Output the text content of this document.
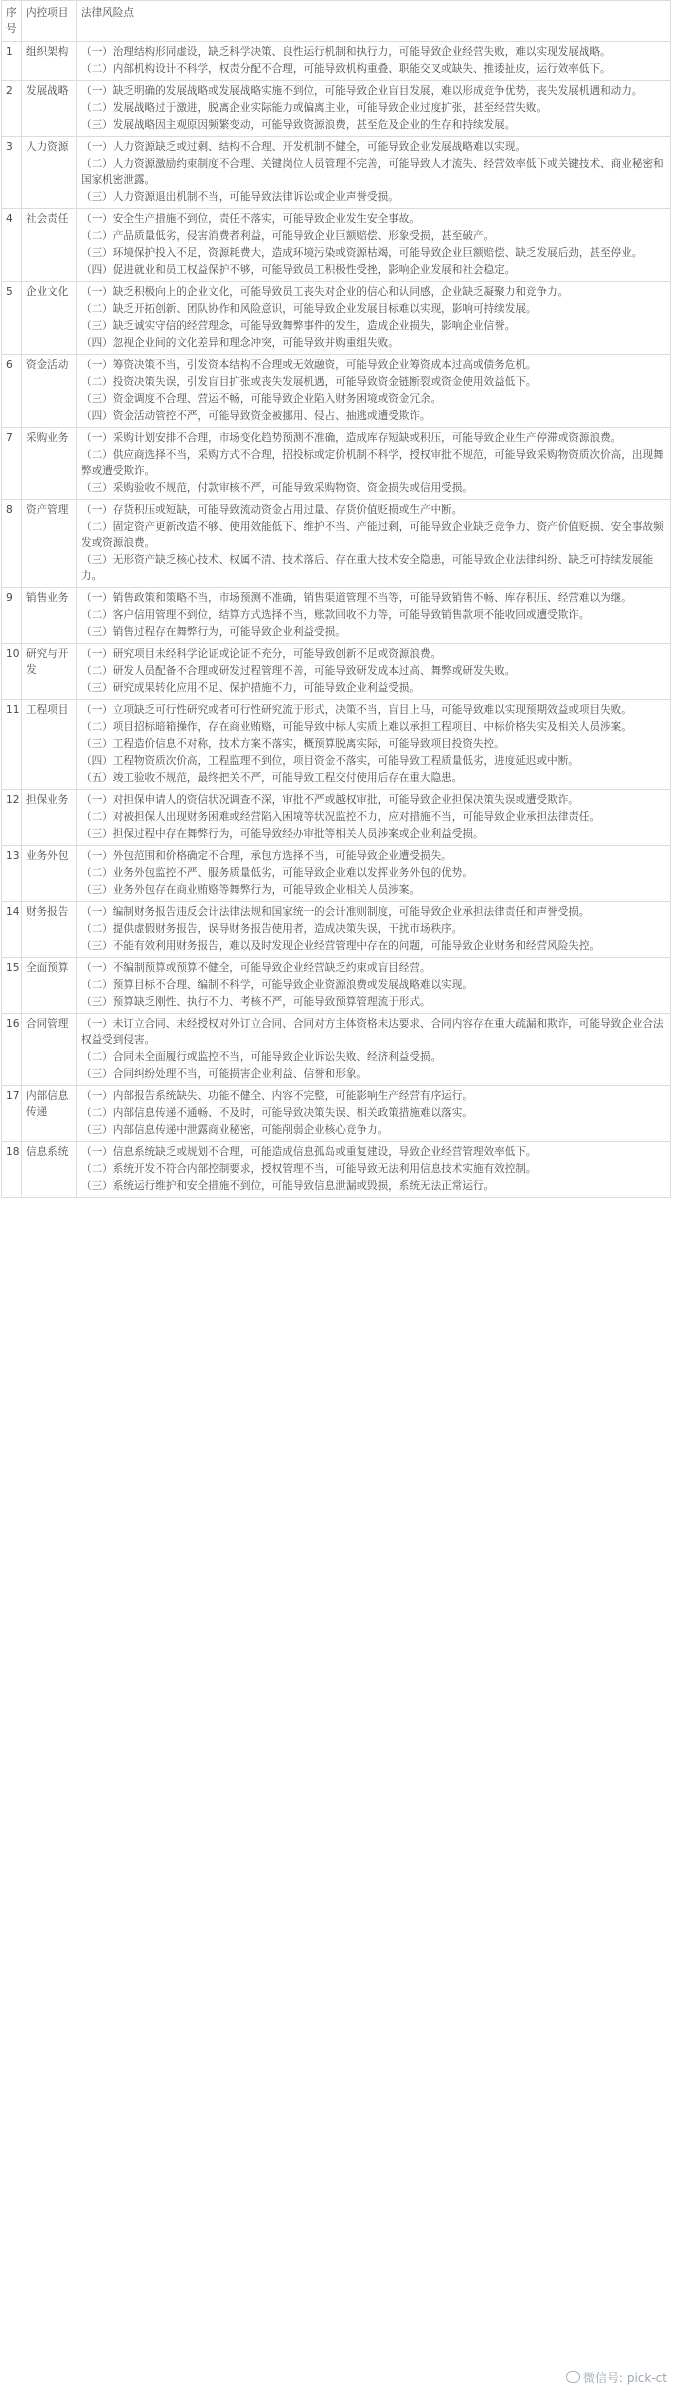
序号	内控项目	法律风险点
1	组织架构	（一）治理结构形同虚设，缺乏科学决策、良性运行机制和执行力，可能导致企业经营失败，难以实现发展战略。
（二）内部机构设计不科学，权责分配不合理，可能导致机构重叠、职能交叉或缺失、推诿扯皮，运行效率低下。

2	发展战略	（一）缺乏明确的发展战略或发展战略实施不到位，可能导致企业盲目发展，难以形成竞争优势，丧失发展机遇和动力。
（二）发展战略过于激进，脱离企业实际能力或偏离主业，可能导致企业过度扩张，甚至经营失败。
（三）发展战略因主观原因频繁变动，可能导致资源浪费，甚至危及企业的生存和持续发展。

3	人力资源	（一）人力资源缺乏或过剩、结构不合理、开发机制不健全，可能导致企业发展战略难以实现。
（二）人力资源激励约束制度不合理、关键岗位人员管理不完善，可能导致人才流失、经营效率低下或关键技术、商业秘密和国家机密泄露。
（三）人力资源退出机制不当，可能导致法律诉讼或企业声誉受损。

4	社会责任	（一）安全生产措施不到位，责任不落实，可能导致企业发生安全事故。
（二）产品质量低劣，侵害消费者利益，可能导致企业巨额赔偿、形象受损，甚至破产。
（三）环境保护投入不足，资源耗费大，造成环境污染或资源枯竭，可能导致企业巨额赔偿、缺乏发展后劲，甚至停业。
（四）促进就业和员工权益保护不够，可能导致员工积极性受挫，影响企业发展和社会稳定。

5	企业文化	（一）缺乏积极向上的企业文化，可能导致员工丧失对企业的信心和认同感，企业缺乏凝聚力和竞争力。
（二）缺乏开拓创新、团队协作和风险意识，可能导致企业发展目标难以实现，影响可持续发展。
（三）缺乏诚实守信的经营理念，可能导致舞弊事件的发生，造成企业损失，影响企业信誉。
（四）忽视企业间的文化差异和理念冲突，可能导致并购重组失败。

6	资金活动	（一）筹资决策不当，引发资本结构不合理或无效融资，可能导致企业筹资成本过高或债务危机。
（二）投资决策失误，引发盲目扩张或丧失发展机遇，可能导致资金链断裂或资金使用效益低下。
（三）资金调度不合理、营运不畅，可能导致企业陷入财务困境或资金冗余。
（四）资金活动管控不严，可能导致资金被挪用、侵占、抽逃或遭受欺诈。

7	采购业务	（一）采购计划安排不合理，市场变化趋势预测不准确，造成库存短缺或积压，可能导致企业生产停滞或资源浪费。
（二）供应商选择不当，采购方式不合理，招投标或定价机制不科学，授权审批不规范，可能导致采购物资质次价高，出现舞弊或遭受欺诈。
（三）采购验收不规范，付款审核不严，可能导致采购物资、资金损失或信用受损。

8	资产管理	（一）存货积压或短缺，可能导致流动资金占用过量、存货价值贬损或生产中断。
（二）固定资产更新改造不够、使用效能低下、维护不当、产能过剩，可能导致企业缺乏竞争力、资产价值贬损、安全事故频发或资源浪费。
（三）无形资产缺乏核心技术、权属不清、技术落后、存在重大技术安全隐患，可能导致企业法律纠纷、缺乏可持续发展能力。

9	销售业务	（一）销售政策和策略不当，市场预测不准确，销售渠道管理不当等，可能导致销售不畅、库存积压、经营难以为继。
（二）客户信用管理不到位，结算方式选择不当，账款回收不力等，可能导致销售款项不能收回或遭受欺诈。
（三）销售过程存在舞弊行为，可能导致企业利益受损。

10	研究与开发	（一）研究项目未经科学论证或论证不充分，可能导致创新不足或资源浪费。
（二）研发人员配备不合理或研发过程管理不善，可能导致研发成本过高、舞弊或研发失败。
（三）研究成果转化应用不足、保护措施不力，可能导致企业利益受损。

11	工程项目	（一）立项缺乏可行性研究或者可行性研究流于形式，决策不当，盲目上马，可能导致难以实现预期效益或项目失败。
（二）项目招标暗箱操作，存在商业贿赂，可能导致中标人实质上难以承担工程项目、中标价格失实及相关人员涉案。
（三）工程造价信息不对称，技术方案不落实，概预算脱离实际，可能导致项目投资失控。
（四）工程物资质次价高，工程监理不到位，项目资金不落实，可能导致工程质量低劣，进度延迟或中断。
（五）竣工验收不规范，最终把关不严，可能导致工程交付使用后存在重大隐患。

12	担保业务	（一）对担保申请人的资信状况调查不深，审批不严或越权审批，可能导致企业担保决策失误或遭受欺诈。
（二）对被担保人出现财务困难或经营陷入困境等状况监控不力，应对措施不当，可能导致企业承担法律责任。
（三）担保过程中存在舞弊行为，可能导致经办审批等相关人员涉案或企业利益受损。

13	业务外包	（一）外包范围和价格确定不合理，承包方选择不当，可能导致企业遭受损失。
（二）业务外包监控不严、服务质量低劣，可能导致企业难以发挥业务外包的优势。
（三）业务外包存在商业贿赂等舞弊行为，可能导致企业相关人员涉案。

14	财务报告	（一）编制财务报告违反会计法律法规和国家统一的会计准则制度，可能导致企业承担法律责任和声誉受损。
（二）提供虚假财务报告，误导财务报告使用者，造成决策失误，干扰市场秩序。
（三）不能有效利用财务报告，难以及时发现企业经营管理中存在的问题，可能导致企业财务和经营风险失控。

15	全面预算	（一）不编制预算或预算不健全，可能导致企业经营缺乏约束或盲目经营。
（二）预算目标不合理、编制不科学，可能导致企业资源浪费或发展战略难以实现。
（三）预算缺乏刚性、执行不力、考核不严，可能导致预算管理流于形式。

16	合同管理	（一）未订立合同、未经授权对外订立合同、合同对方主体资格未达要求、合同内容存在重大疏漏和欺诈，可能导致企业合法权益受到侵害。
（二）合同未全面履行或监控不当，可能导致企业诉讼失败、经济利益受损。
（三）合同纠纷处理不当，可能损害企业利益、信誉和形象。

17	内部信息传递	（一）内部报告系统缺失、功能不健全、内容不完整，可能影响生产经营有序运行。
（二）内部信息传递不通畅、不及时，可能导致决策失误、相关政策措施难以落实。
（三）内部信息传递中泄露商业秘密，可能削弱企业核心竞争力。

18	信息系统	（一）信息系统缺乏或规划不合理，可能造成信息孤岛或重复建设，导致企业经营管理效率低下。
（二）系统开发不符合内部控制要求，授权管理不当，可能导致无法利用信息技术实施有效控制。
（三）系统运行维护和安全措施不到位，可能导致信息泄漏或毁损，系统无法正常运行。
微信号: pick-ct
